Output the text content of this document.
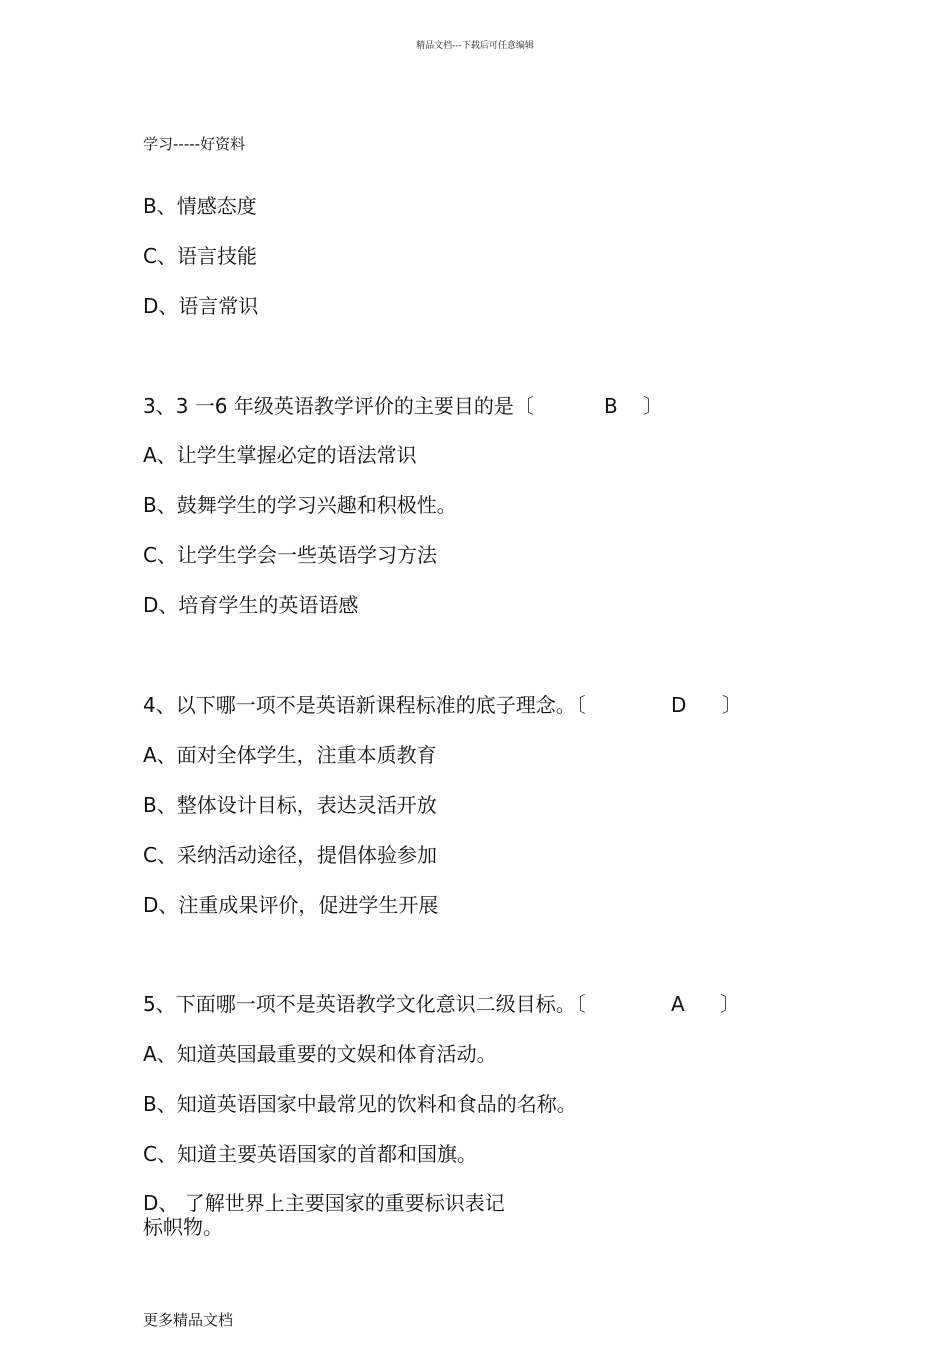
精品文档---下载后可任意编辑
学习-----好资料
B、情感态度
C、语言技能
D、语言常识
3、3 一6 年级英语教学评价的主要目的是〔	B 〕
A、让学生掌握必定的语法常识
B、鼓舞学生的学习兴趣和积极性。
C、让学生学会一些英语学习方法
D、培育学生的英语语感
4、以下哪一项不是英语新课程标准的底子理念。〔	D 〕
A、面对全体学生，注重本质教育
B、整体设计目标，表达灵活开放
C、采纳活动途径，提倡体验参加
D、注重成果评价，促进学生开展
5、下面哪一项不是英语教学文化意识二级目标。〔	A 〕
A、知道英国最重要的文娱和体育活动。
B、知道英语国家中最常见的饮料和食品的名称。
C、知道主要英语国家的首都和国旗。
D、 了解世界上主要国家的重要标识表记
标帜物。
更多精品文档
